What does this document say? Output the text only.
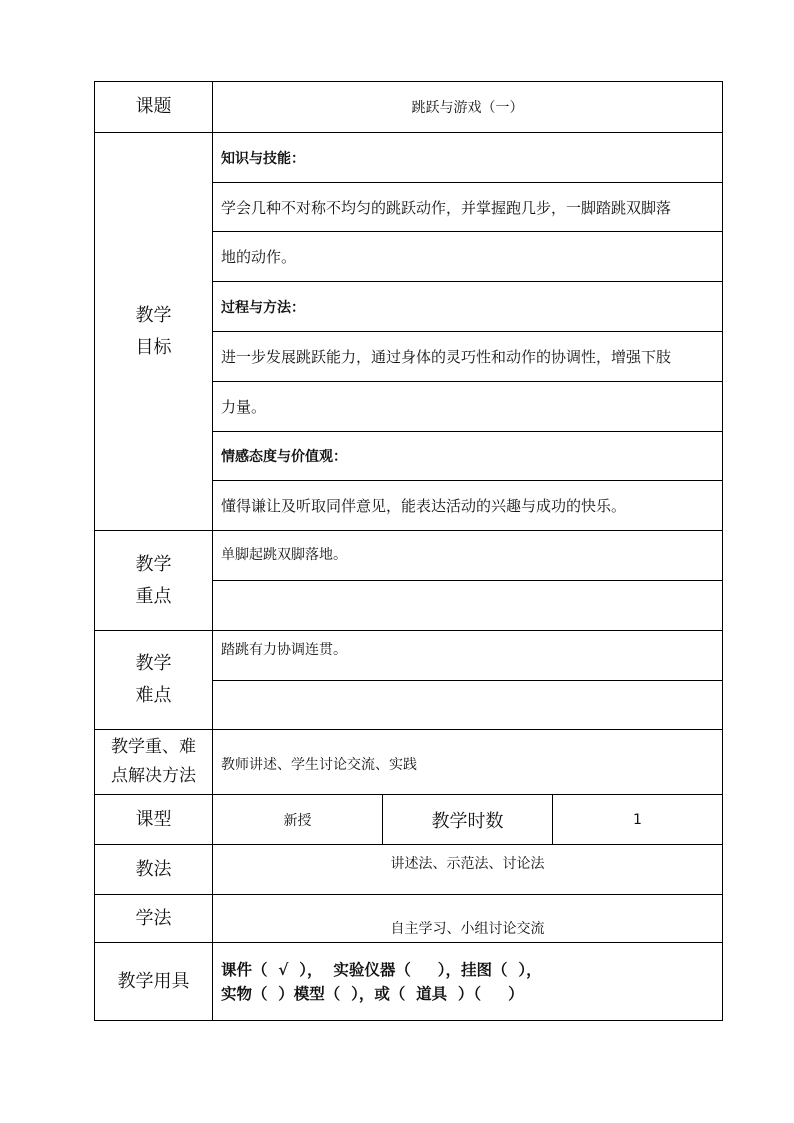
课题	跳跃与游戏（一）		

教学
目标	知识与技能：		
	学会几种不对称不均匀的跳跃动作，并掌握跑几步，一脚踏跳双脚落		
	地的动作。		
	过程与方法：		
	进一步发展跳跃能力，通过身体的灵巧性和动作的协调性，增强下肢		
	力量。		
	情感态度与价值观：		
	懂得谦让及听取同伴意见，能表达活动的兴趣与成功的快乐。		

教学
重点	单脚起跳双脚落地。		

教学
难点	踏跳有力协调连贯。		

教学重、难
点解决方法	教师讲述、学生讨论交流、实践		
课型	新授	教学时数	1
教法	讲述法、示范法、讨论法		
学法	自主学习、小组讨论交流		
教学用具	课件（  √  ），  实验仪器（     ），挂图（  ），
实物（  ）模型（  ），或（  道具  ）（     ）		
